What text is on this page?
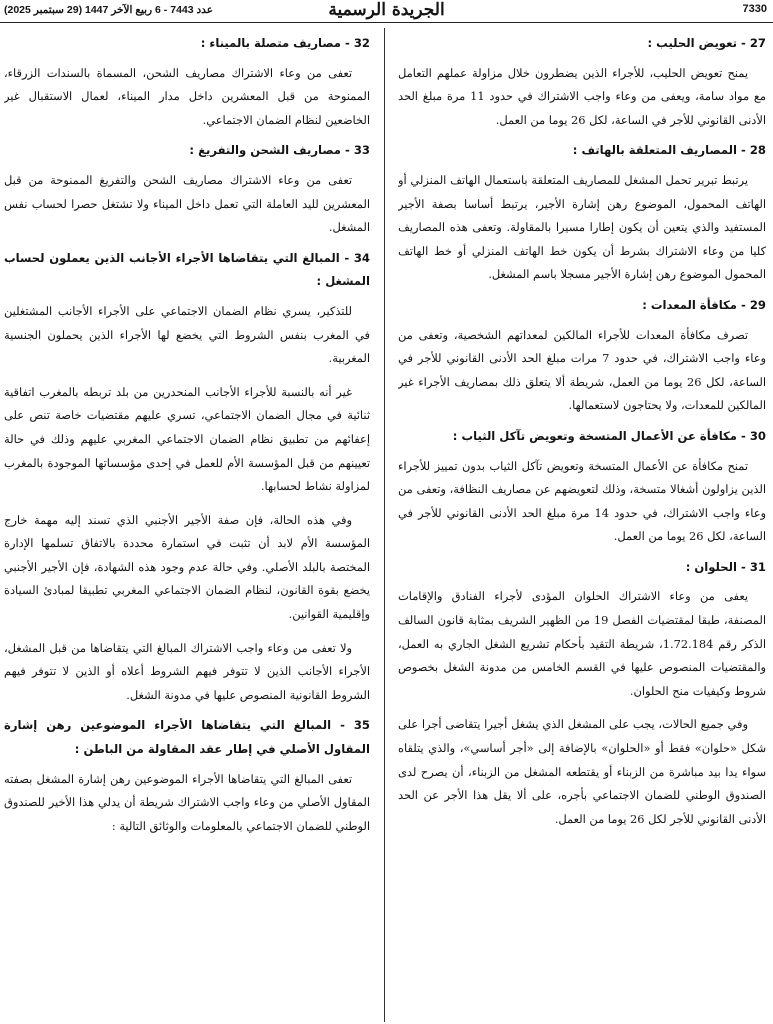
7330
الجريدة الرسمية
عدد 7443 - 6 ربيع الآخر 1447 (29 سبتمبر 2025)
27 - تعويض الحليب :
يمنح تعويض الحليب، للأجراء الذين يضطرون خلال مزاولة عملهم التعامل مع مواد سامة، ويعفى من وعاء واجب الاشتراك في حدود 11 مرة مبلغ الحد الأدنى القانوني للأجر في الساعة، لكل 26 يوما من العمل.
28 - المصاريف المتعلقة بالهاتف :
يرتبط تبرير تحمل المشغل للمصاريف المتعلقة باستعمال الهاتف المنزلي أو الهاتف المحمول، الموضوع رهن إشارة الأجير، يرتبط أساسا بصفة الأجير المستفيد والذي يتعين أن يكون إطارا مسيرا بالمقاولة. وتعفى هذه المصاريف كليا من وعاء الاشتراك بشرط أن يكون خط الهاتف المنزلي أو خط الهاتف المحمول الموضوع رهن إشارة الأجير مسجلا باسم المشغل.
29 - مكافأة المعدات :
تصرف مكافأة المعدات للأجراء المالكين لمعداتهم الشخصية، وتعفى من وعاء واجب الاشتراك، في حدود 7 مرات مبلغ الحد الأدنى القانوني للأجر في الساعة، لكل 26 يوما من العمل، شريطة ألا يتعلق ذلك بمصاريف الأجراء غير المالكين للمعدات، ولا يحتاجون لاستعمالها.
30 - مكافأة عن الأعمال المتسخة وتعويض تآكل الثياب :
تمنح مكافأة عن الأعمال المتسخة وتعويض تآكل الثياب بدون تمييز للأجراء الذين يزاولون أشغالا متسخة، وذلك لتعويضهم عن مصاريف النظافة، وتعفى من وعاء واجب الاشتراك، في حدود 14 مرة مبلغ الحد الأدنى القانوني للأجر في الساعة، لكل 26 يوما من العمل.
31 - الحلوان :
يعفى من وعاء الاشتراك الحلوان المؤدى لأجراء الفنادق والإقامات المصنفة، طبقا لمقتضيات الفصل 19 من الظهير الشريف بمثابة قانون السالف الذكر رقم 1.72.184، شريطة التقيد بأحكام تشريع الشغل الجاري به العمل، والمقتضيات المنصوص عليها في القسم الخامس من مدونة الشغل بخصوص شروط وكيفيات منح الحلوان.
وفي جميع الحالات، يجب على المشغل الذي يشغل أجيرا يتقاضى أجرا على شكل «حلوان» فقط أو «الحلوان» بالإضافة إلى «أجر أساسي»، والذي يتلقاه سواء يدا بيد مباشرة من الزبناء أو يقتطعه المشغل من الزبناء، أن يصرح لدى الصندوق الوطني للضمان الاجتماعي بأجره، على ألا يقل هذا الأجر عن الحد الأدنى القانوني للأجر لكل 26 يوما من العمل.
32 - مصاريف متصلة بالميناء :
تعفى من وعاء الاشتراك مصاريف الشحن، المسماة بالسندات الزرقاء، الممنوحة من قبل المعشرين داخل مدار الميناء، لعمال الاستقبال غير الخاضعين لنظام الضمان الاجتماعي.
33 - مصاريف الشحن والتفريغ :
تعفى من وعاء الاشتراك مصاريف الشحن والتفريغ الممنوحة من قبل المعشرين لليد العاملة التي تعمل داخل الميناء ولا تشتغل حصرا لحساب نفس المشغل.
34 - المبالغ التي يتقاضاها الأجراء الأجانب الذين يعملون لحساب المشغل :
للتذكير، يسري نظام الضمان الاجتماعي على الأجراء الأجانب المشتغلين في المغرب بنفس الشروط التي يخضع لها الأجراء الذين يحملون الجنسية المغربية.
غير أنه بالنسبة للأجراء الأجانب المنحدرين من بلد تربطه بالمغرب اتفاقية ثنائية في مجال الضمان الاجتماعي، تسري عليهم مقتضيات خاصة تنص على إعفائهم من تطبيق نظام الضمان الاجتماعي المغربي عليهم وذلك في حالة تعيينهم من قبل المؤسسة الأم للعمل في إحدى مؤسساتها الموجودة بالمغرب لمزاولة نشاط لحسابها.
وفي هذه الحالة، فإن صفة الأجير الأجنبي الذي تسند إليه مهمة خارج المؤسسة الأم لابد أن تثبت في استمارة محددة بالاتفاق تسلمها الإدارة المختصة بالبلد الأصلي. وفي حالة عدم وجود هذه الشهادة، فإن الأجير الأجنبي يخضع بقوة القانون، لنظام الضمان الاجتماعي المغربي تطبيقا لمبادئ السيادة وإقليمية القوانين.
ولا تعفى من وعاء واجب الاشتراك المبالغ التي يتقاضاها من قبل المشغل، الأجراء الأجانب الذين لا تتوفر فيهم الشروط أعلاه أو الذين لا تتوفر فيهم الشروط القانونية المنصوص عليها في مدونة الشغل.
35 - المبالغ التي يتقاضاها الأجراء الموضوعين رهن إشارة المقاول الأصلي في إطار عقد المقاولة من الباطن :
تعفى المبالغ التي يتقاضاها الأجراء الموضوعين رهن إشارة المشغل بصفته المقاول الأصلي من وعاء واجب الاشتراك شريطة أن يدلي هذا الأخير للصندوق الوطني للضمان الاجتماعي بالمعلومات والوثائق التالية :
